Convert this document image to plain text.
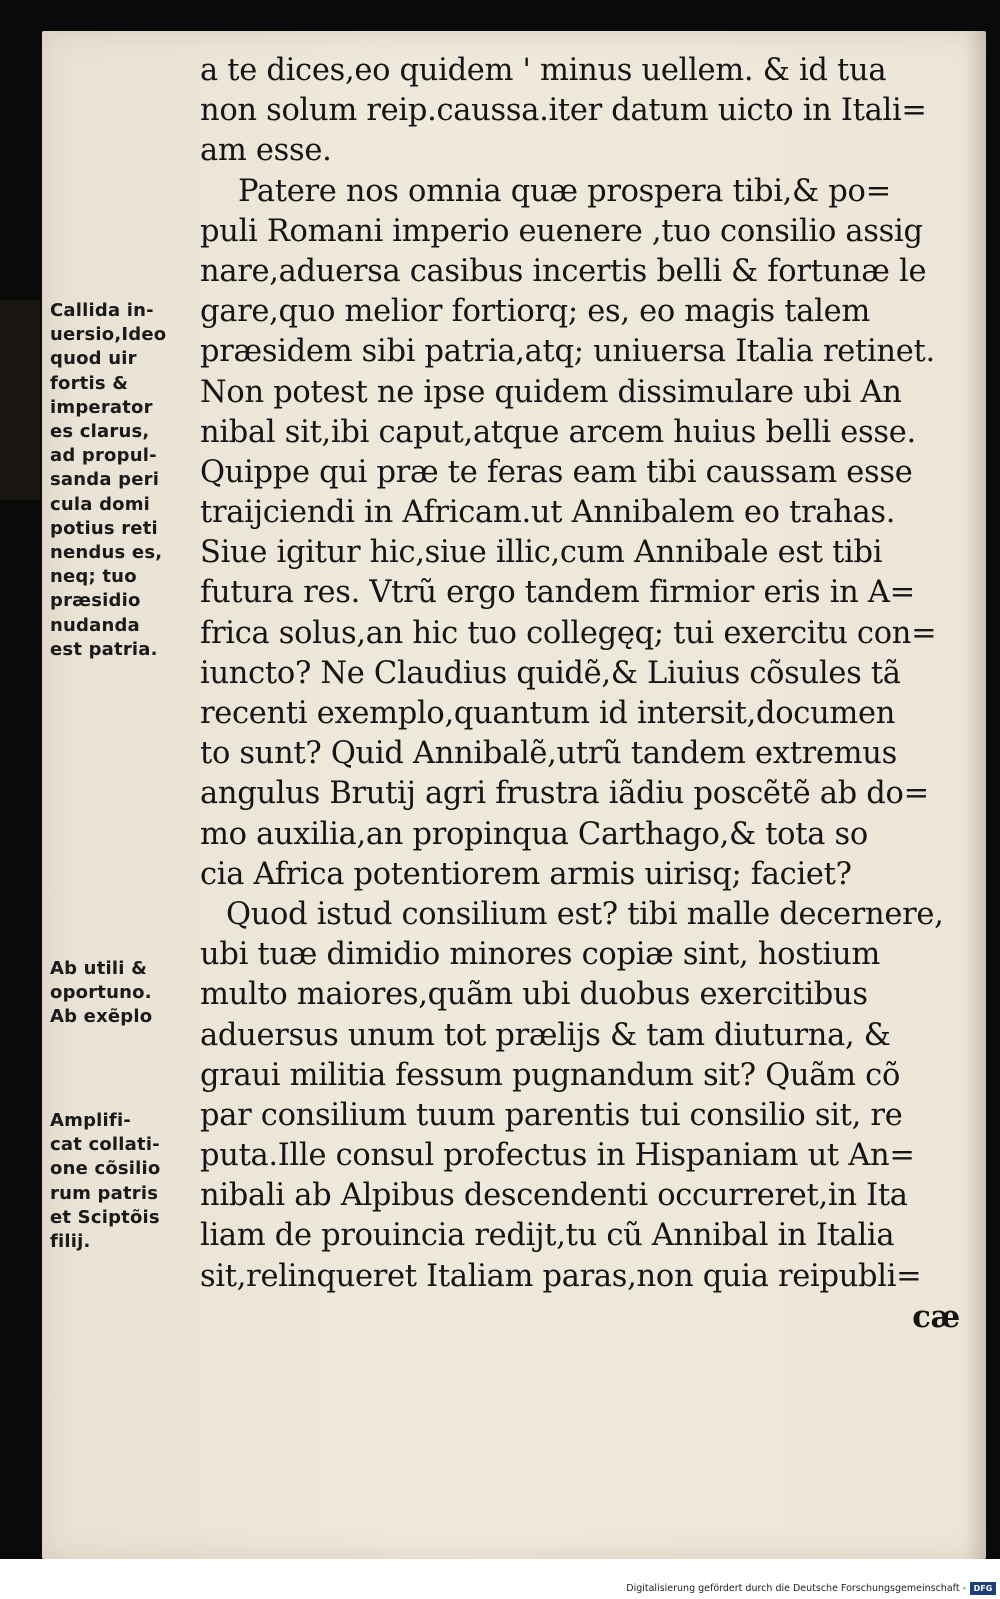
Callida in-
uersio,Ideo
quod uir
fortis &
imperator
es clarus,
ad propul-
sanda peri
cula domi
potius reti
nendus es,
neq; tuo
præsidio
nudanda
est patria.
Ab utili &
oportuno.
Ab exẽplo
Amplifi-
cat collati-
one cõsilio
rum patris
et Sciptõis
filij.
a te dices,eo quidem ' minus uellem. & id tua
non solum reip.caussa.iter datum uicto in Itali=
am esse.
Patere nos omnia quæ prospera tibi,& po=
puli Romani imperio euenere ,tuo consilio assig
nare,aduersa casibus incertis belli & fortunæ le
gare,quo melior fortiorq; es, eo magis talem
præsidem sibi patria,atq; uniuersa Italia retinet.
Non potest ne ipse quidem dissimulare ubi An
nibal sit,ibi caput,atque arcem huius belli esse.
Quippe qui præ te feras eam tibi caussam esse
traijciendi in Africam.ut Annibalem eo trahas.
Siue igitur hic,siue illic,cum Annibale est tibi
futura res. Vtrũ ergo tandem firmior eris in A=
frica solus,an hic tuo collegęq; tui exercitu con=
iuncto? Ne Claudius quidẽ,& Liuius cõsules tã
recenti exemplo,quantum id intersit,documen
to sunt? Quid Annibalẽ,utrũ tandem extremus
angulus Brutij agri frustra iãdiu poscẽtẽ ab do=
mo auxilia,an propinqua Carthago,& tota so
cia Africa potentiorem armis uirisq; faciet?
Quod istud consilium est? tibi malle decernere,
ubi tuæ dimidio minores copiæ sint, hostium
multo maiores,quãm ubi duobus exercitibus
aduersus unum tot prælijs & tam diuturna, &
graui militia fessum pugnandum sit? Quãm cõ
par consilium tuum parentis tui consilio sit, re
puta.Ille consul profectus in Hispaniam ut An=
nibali ab Alpibus descendenti occurreret,in Ita
liam de prouincia redijt,tu cũ Annibal in Italia
sit,relinqueret Italiam paras,non quia reipubli=
cæ
Digitalisierung gefördert durch die Deutsche Forschungsgemeinschaft - DFG
